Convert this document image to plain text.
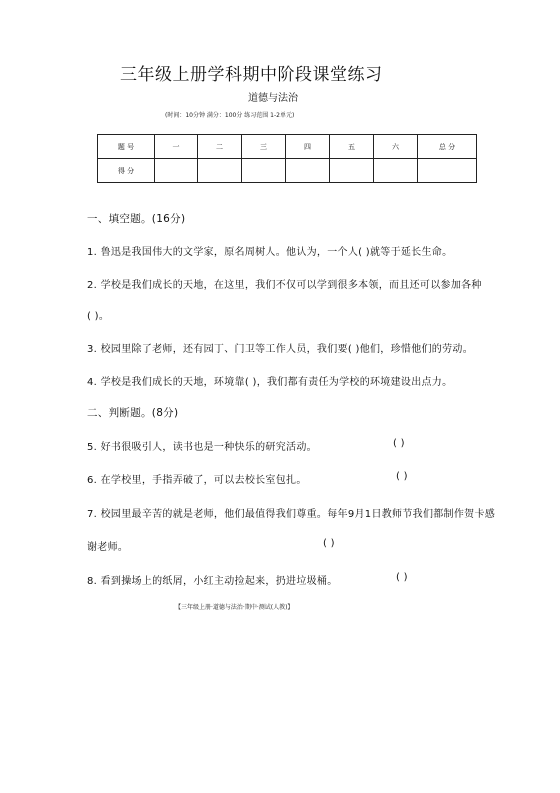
三年级上册学科期中阶段课堂练习
道德与法治
(时间：10分钟 满分：100分 练习范围 1-2单元)
题 号	一	二	三	四	五	六	总 分
得 分							
一、填空题。(16分)
1. 鲁迅是我国伟大的文学家，原名周树人。他认为，一个人( )就等于延长生命。
2. 学校是我们成长的天地，在这里，我们不仅可以学到很多本领，而且还可以参加各种
( )。
3. 校园里除了老师，还有园丁、门卫等工作人员，我们要( )他们，珍惜他们的劳动。
4. 学校是我们成长的天地，环境靠( )，我们都有责任为学校的环境建设出点力。
二、判断题。(8分)
5. 好书很吸引人，读书也是一种快乐的研究活动。	( )
6. 在学校里，手指弄破了，可以去校长室包扎。	( )
7. 校园里最辛苦的就是老师，他们最值得我们尊重。每年9月1日教师节我们都制作贺卡感
谢老师。	( )
8. 看到操场上的纸屑，小红主动捡起来，扔进垃圾桶。	( )
【三年级上册·道德与法治·期中·测试(人教)】
